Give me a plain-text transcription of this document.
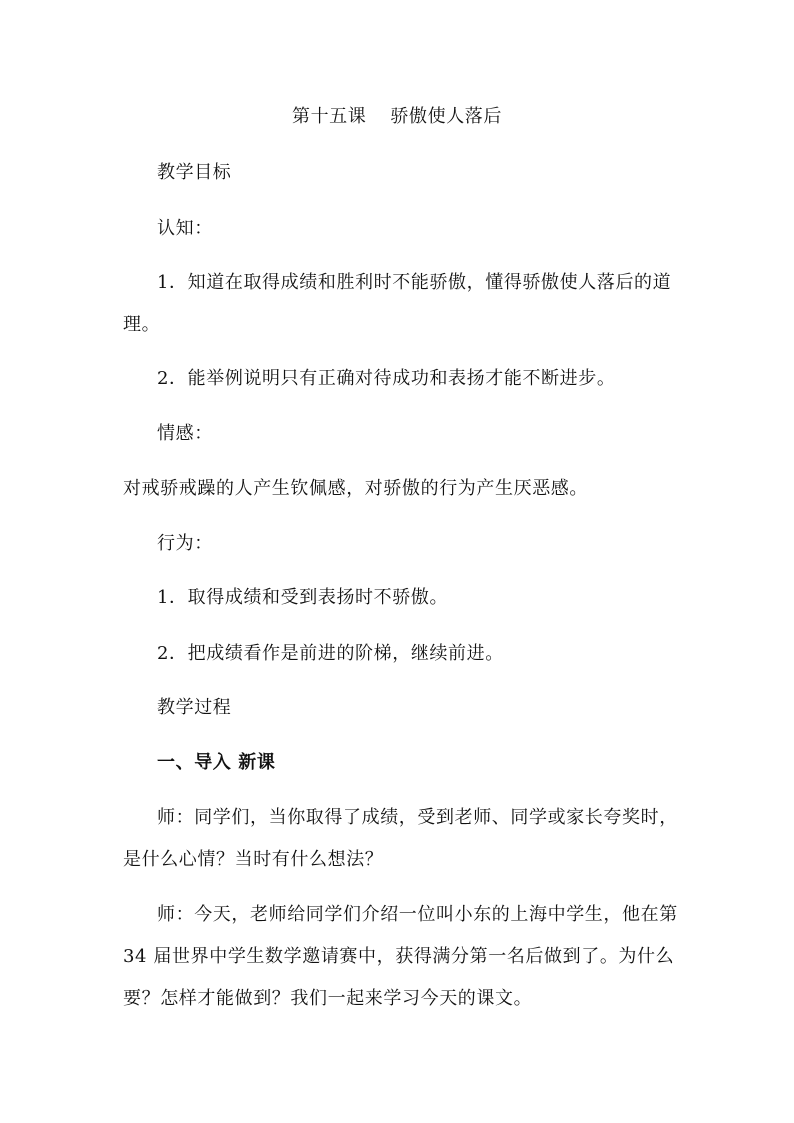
第十五课 骄傲使人落后
教学目标
认知：
1．知道在取得成绩和胜利时不能骄傲，懂得骄傲使人落后的道
理。
2．能举例说明只有正确对待成功和表扬才能不断进步。
情感：
对戒骄戒躁的人产生钦佩感，对骄傲的行为产生厌恶感。
行为：
1．取得成绩和受到表扬时不骄傲。
2．把成绩看作是前进的阶梯，继续前进。
教学过程
一、导入 新课
师：同学们，当你取得了成绩，受到老师、同学或家长夸奖时，
是什么心情？当时有什么想法？
师：今天，老师给同学们介绍一位叫小东的上海中学生，他在第
34 届世界中学生数学邀请赛中，获得满分第一名后做到了。为什么
要？怎样才能做到？我们一起来学习今天的课文。
